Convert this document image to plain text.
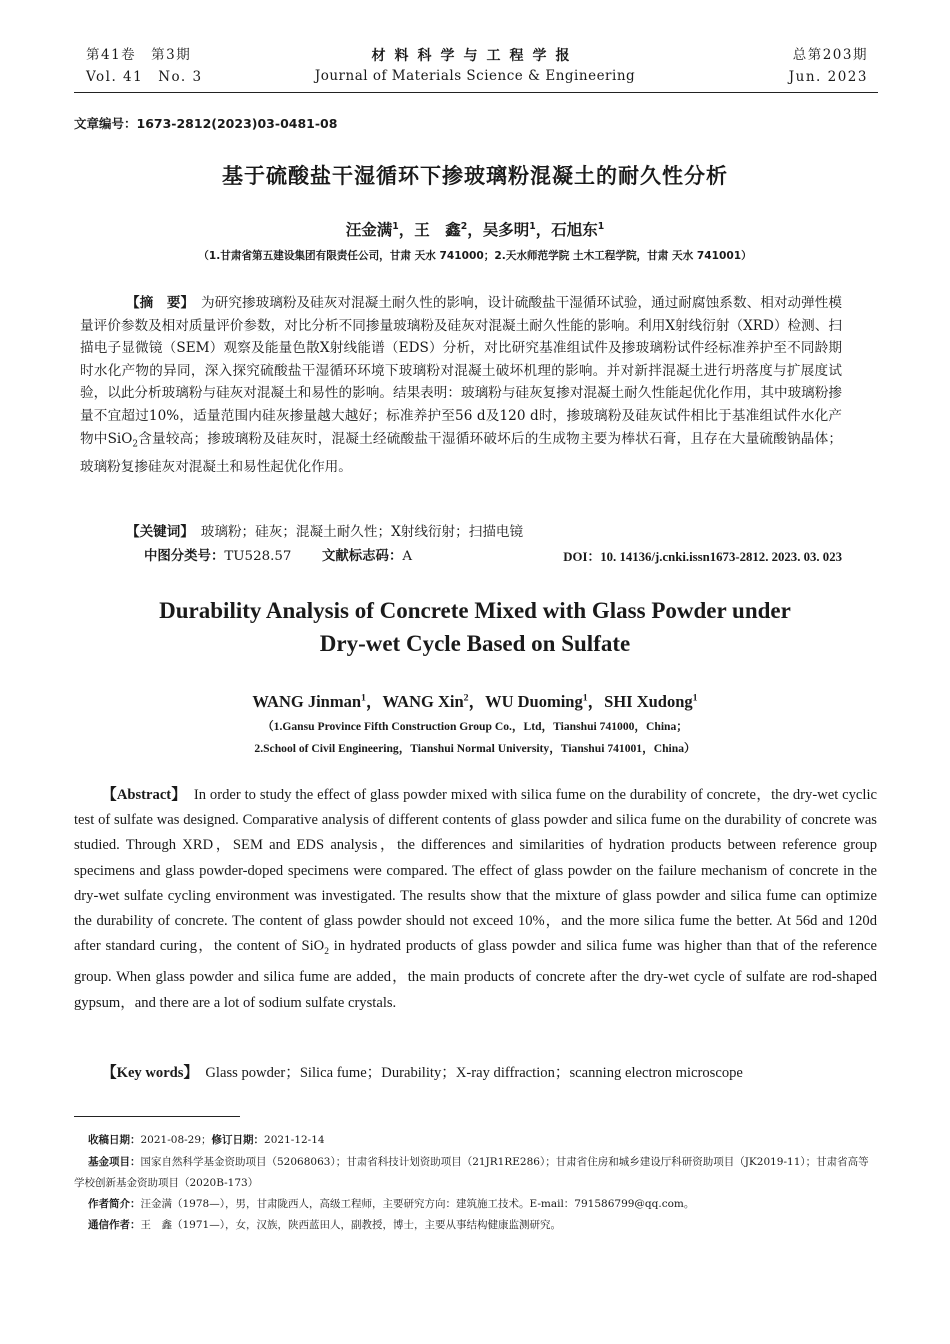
第41卷　第3期
Vol. 41　No. 3
材料科学与工程学报
Journal of Materials Science & Engineering
总第203期
Jun. 2023
文章编号：1673-2812(2023)03-0481-08
基于硫酸盐干湿循环下掺玻璃粉混凝土的耐久性分析
汪金满$^1$，王　鑫$^2$，吴多明$^1$，石旭东$^1$
（1.甘肃省第五建设集团有限责任公司，甘肃 天水 741000；2.天水师范学院 土木工程学院，甘肃 天水 741001）
【摘　要】　 为研究掺玻璃粉及硅灰对混凝土耐久性的影响，设计硫酸盐干湿循环试验，通过耐腐蚀系数、相对动弹性模量评价参数及相对质量评价参数，对比分析不同掺量玻璃粉及硅灰对混凝土耐久性能的影响。利用X射线衍射（XRD）检测、扫描电子显微镜（SEM）观察及能量色散X射线能谱（EDS）分析，对比研究基准组试件及掺玻璃粉试件经标准养护至不同龄期时水化产物的异同，深入探究硫酸盐干湿循环环境下玻璃粉对混凝土破坏机理的影响。并对新拌混凝土进行坍落度与扩展度试验，以此分析玻璃粉与硅灰对混凝土和易性的影响。结果表明：玻璃粉与硅灰复掺对混凝土耐久性能起优化作用，其中玻璃粉掺量不宜超过10%，适量范围内硅灰掺量越大越好；标准养护至56 d及120 d时，掺玻璃粉及硅灰试件相比于基准组试件水化产物中SiO$_2$含量较高；掺玻璃粉及硅灰时，混凝土经硫酸盐干湿循环破坏后的生成物主要为棒状石膏，且存在大量硫酸钠晶体；玻璃粉复掺硅灰对混凝土和易性起优化作用。
【关键词】　 玻璃粉；硅灰；混凝土耐久性；X射线衍射；扫描电镜
中图分类号：TU528.57 文献标志码：A	DOI：10. 14136/j.cnki.issn1673-2812. 2023. 03. 023
Durability Analysis of Concrete Mixed with Glass Powder under
Dry-wet Cycle Based on Sulfate
WANG Jinman$^1$，WANG Xin$^2$，WU Duoming$^1$，SHI Xudong$^1$
（1.Gansu Province Fifth Construction Group Co.，Ltd，Tianshui 741000，China；
2.School of Civil Engineering，Tianshui Normal University，Tianshui 741001，China）
【Abstract】　 In order to study the effect of glass powder mixed with silica fume on the durability of concrete，the dry-wet cyclic test of sulfate was designed. Comparative analysis of different contents of glass powder and silica fume on the durability of concrete was studied. Through XRD，SEM and EDS analysis，the differences and similarities of hydration products between reference group specimens and glass powder-doped specimens were compared. The effect of glass powder on the failure mechanism of concrete in the dry-wet sulfate cycling environment was investigated. The results show that the mixture of glass powder and silica fume can optimize the durability of concrete. The content of glass powder should not exceed 10%，and the more silica fume the better. At 56d and 120d after standard curing，the content of SiO$_2$ in hydrated products of glass powder and silica fume was higher than that of the reference group. When glass powder and silica fume are added，the main products of concrete after the dry-wet cycle of sulfate are rod-shaped gypsum，and there are a lot of sodium sulfate crystals.
【Key words】 Glass powder；Silica fume；Durability；X-ray diffraction；scanning electron microscope
收稿日期：2021-08-29；修订日期：2021-12-14
基金项目：国家自然科学基金资助项目（52068063）；甘肃省科技计划资助项目（21JR1RE286）；甘肃省住房和城乡建设厅科研资助项目（JK2019-11）；甘肃省高等学校创新基金资助项目（2020B-173）
作者简介：汪金满（1978—），男，甘肃陇西人，高级工程师，主要研究方向：建筑施工技术。E-mail：791586799@qq.com。
通信作者：王　鑫（1971—），女，汉族，陕西蓝田人，副教授，博士，主要从事结构健康监测研究。
